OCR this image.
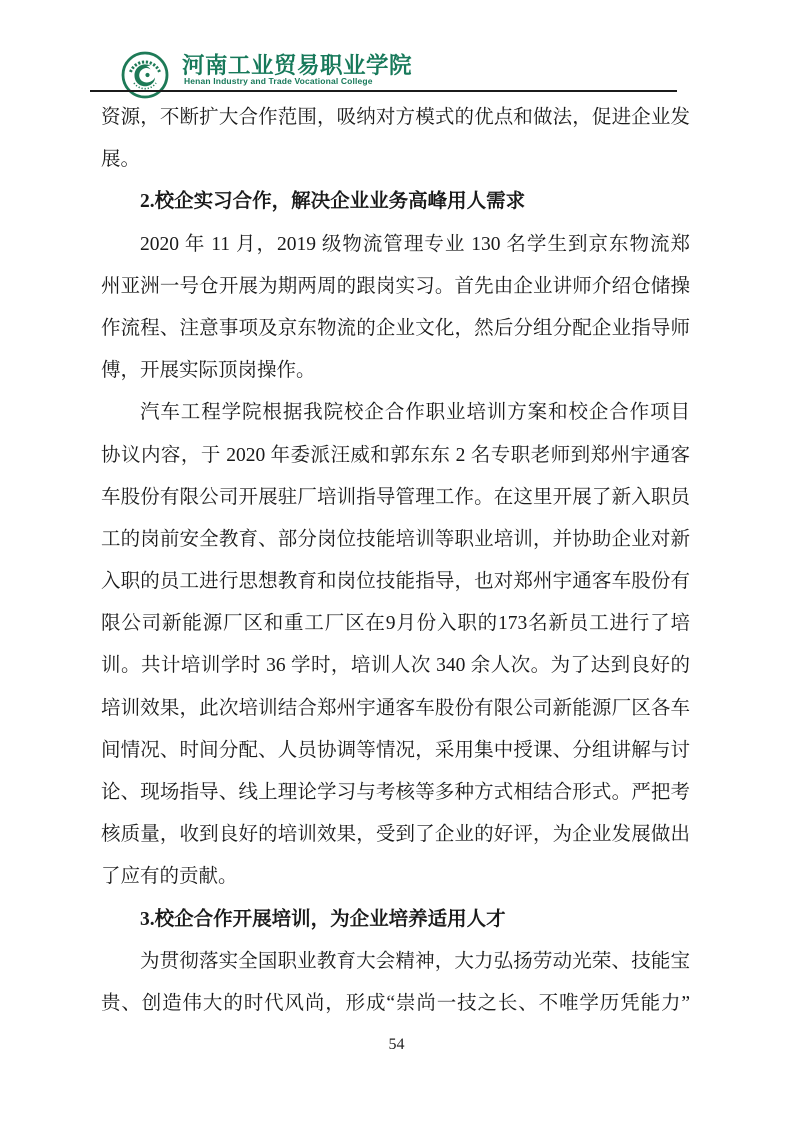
河南工业贸易职业学院
Henan Industry and Trade Vocational College
资源，不断扩大合作范围，吸纳对方模式的优点和做法，促进企业发
展。
2.校企实习合作，解决企业业务高峰用人需求
2020 年 11 月，2019 级物流管理专业 130 名学生到京东物流郑
州亚洲一号仓开展为期两周的跟岗实习。首先由企业讲师介绍仓储操
作流程、注意事项及京东物流的企业文化，然后分组分配企业指导师
傅，开展实际顶岗操作。
汽车工程学院根据我院校企合作职业培训方案和校企合作项目
协议内容，于 2020 年委派汪威和郭东东 2 名专职老师到郑州宇通客
车股份有限公司开展驻厂培训指导管理工作。在这里开展了新入职员
工的岗前安全教育、部分岗位技能培训等职业培训，并协助企业对新
入职的员工进行思想教育和岗位技能指导，也对郑州宇通客车股份有
限公司新能源厂区和重工厂区在9月份入职的173名新员工进行了培
训。共计培训学时 36 学时，培训人次 340 余人次。为了达到良好的
培训效果，此次培训结合郑州宇通客车股份有限公司新能源厂区各车
间情况、时间分配、人员协调等情况，采用集中授课、分组讲解与讨
论、现场指导、线上理论学习与考核等多种方式相结合形式。严把考
核质量，收到良好的培训效果，受到了企业的好评，为企业发展做出
了应有的贡献。
3.校企合作开展培训，为企业培养适用人才
为贯彻落实全国职业教育大会精神，大力弘扬劳动光荣、技能宝
贵、创造伟大的时代风尚，形成“崇尚一技之长、不唯学历凭能力”
54
